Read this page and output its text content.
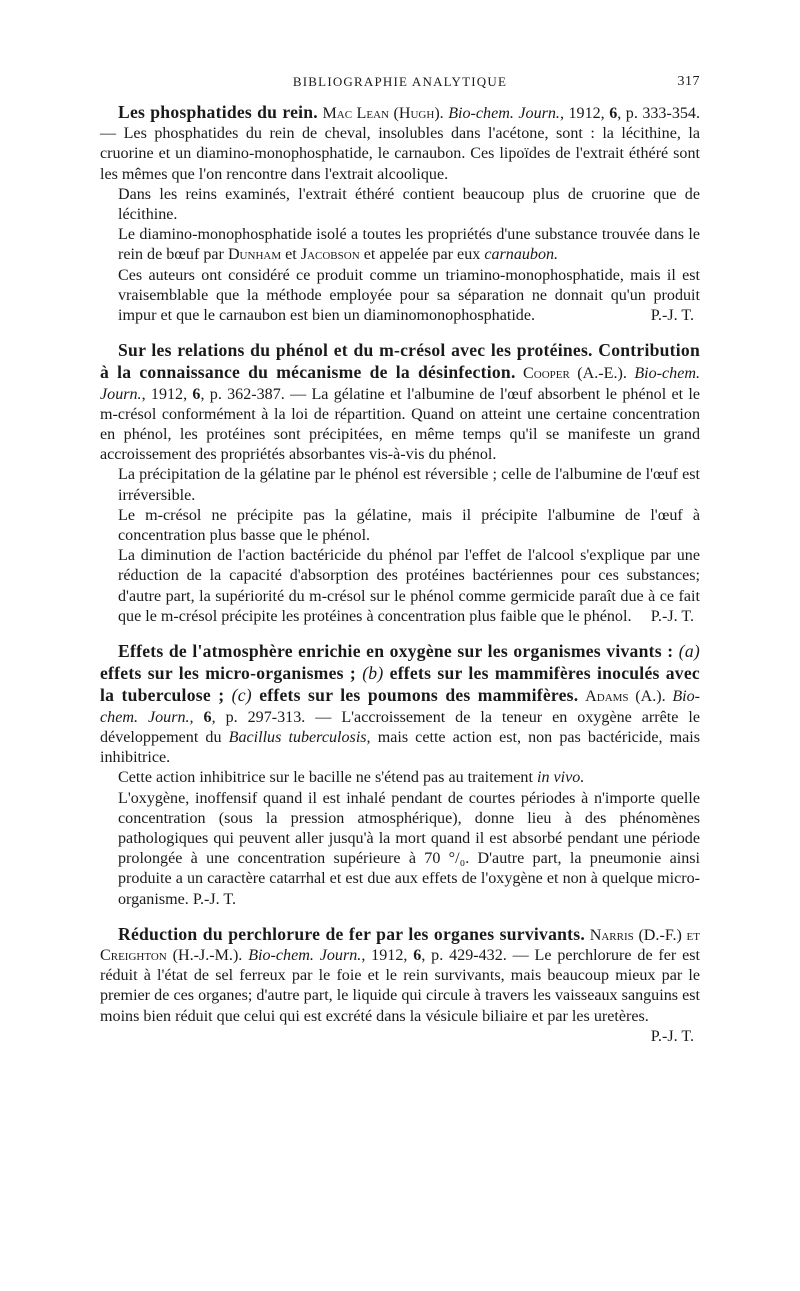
BIBLIOGRAPHIE ANALYTIQUE	317

Les phosphatides du rein. Mac Lean (Hugh). Bio-chem. Journ., 1912, 6, p. 333-354. — Les phosphatides du rein de cheval, insolubles dans l'acétone, sont : la lécithine, la cruorine et un diamino-monophosphatide, le carnaubon. Ces lipoïdes de l'extrait éthéré sont les mêmes que l'on rencontre dans l'extrait alcoolique.

Dans les reins examinés, l'extrait éthéré contient beaucoup plus de cruorine que de lécithine.

Le diamino-monophosphatide isolé a toutes les propriétés d'une substance trouvée dans le rein de bœuf par Dunham et Jacobson et appelée par eux carnaubon.

Ces auteurs ont considéré ce produit comme un triamino-monophosphatide, mais il est vraisemblable que la méthode employée pour sa séparation ne donnait qu'un produit impur et que le carnaubon est bien un diaminomonophosphatide.	P.-J. T.

Sur les relations du phénol et du m-crésol avec les protéines. Contribution à la connaissance du mécanisme de la désinfection. Cooper (A.-E.). Bio-chem. Journ., 1912, 6, p. 362-387. — La gélatine et l'albumine de l'œuf absorbent le phénol et le m-crésol conformément à la loi de répartition. Quand on atteint une certaine concentration en phénol, les protéines sont précipitées, en même temps qu'il se manifeste un grand accroissement des propriétés absorbantes vis-à-vis du phénol.

La précipitation de la gélatine par le phénol est réversible ; celle de l'albumine de l'œuf est irréversible.

Le m-crésol ne précipite pas la gélatine, mais il précipite l'albumine de l'œuf à concentration plus basse que le phénol.

La diminution de l'action bactéricide du phénol par l'effet de l'alcool s'explique par une réduction de la capacité d'absorption des protéines bactériennes pour ces substances; d'autre part, la supériorité du m-crésol sur le phénol comme germicide paraît due à ce fait que le m-crésol précipite les protéines à concentration plus faible que le phénol. P.-J. T.

Effets de l'atmosphère enrichie en oxygène sur les organismes vivants : (a) effets sur les micro-organismes ; (b) effets sur les mammifères inoculés avec la tuberculose ; (c) effets sur les poumons des mammifères. Adams (A.). Bio-chem. Journ., 6, p. 297-313. — L'accroissement de la teneur en oxygène arrête le développement du Bacillus tuberculosis, mais cette action est, non pas bactéricide, mais inhibitrice.

Cette action inhibitrice sur le bacille ne s'étend pas au traitement in vivo.

L'oxygène, inoffensif quand il est inhalé pendant de courtes périodes à n'importe quelle concentration (sous la pression atmosphérique), donne lieu à des phénomènes pathologiques qui peuvent aller jusqu'à la mort quand il est absorbé pendant une période prolongée à une concentration supérieure à 70 °/₀. D'autre part, la pneumonie ainsi produite a un caractère catarrhal et est due aux effets de l'oxygène et non à quelque micro-organisme. P.-J. T.

Réduction du perchlorure de fer par les organes survivants. Narris (D.-F.) et Creighton (H.-J.-M.). Bio-chem. Journ., 1912, 6, p. 429-432. — Le perchlorure de fer est réduit à l'état de sel ferreux par le foie et le rein survivants, mais beaucoup mieux par le premier de ces organes; d'autre part, le liquide qui circule à travers les vaisseaux sanguins est moins bien réduit que celui qui est excrété dans la vésicule biliaire et par les uretères.

P.-J. T.
